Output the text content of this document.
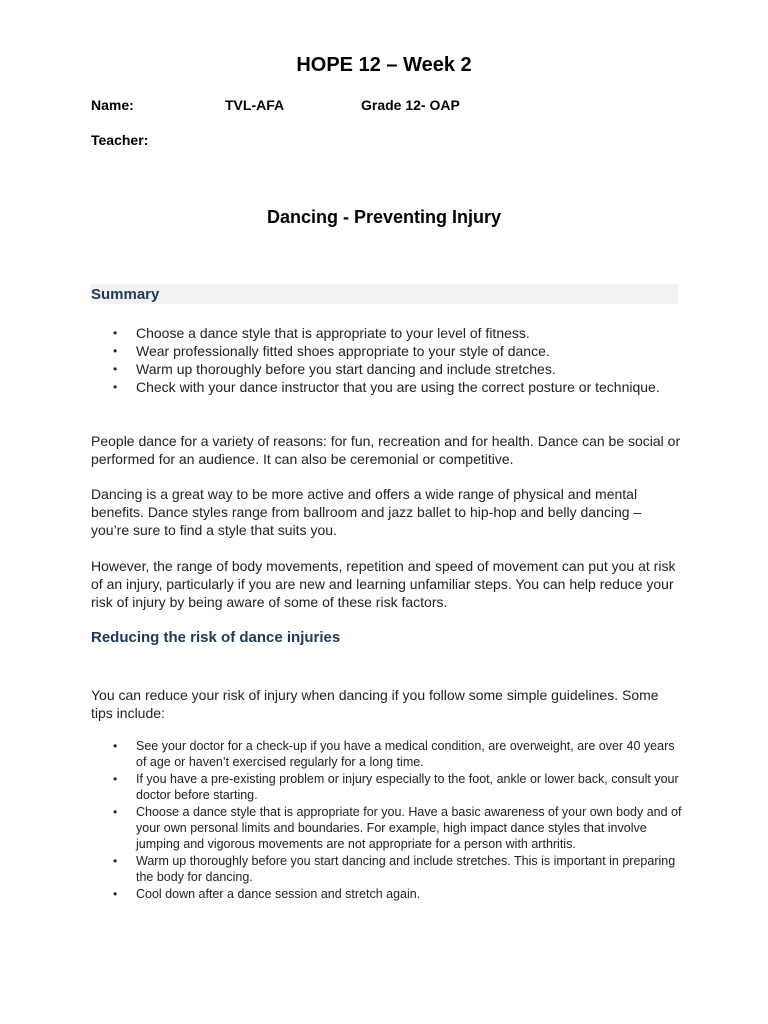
HOPE 12 – Week 2
Name:	TVL-AFA	Grade 12- OAP
Teacher:
Dancing - Preventing Injury
Summary
• Choose a dance style that is appropriate to your level of fitness.
• Wear professionally fitted shoes appropriate to your style of dance.
• Warm up thoroughly before you start dancing and include stretches.
• Check with your dance instructor that you are using the correct posture or technique.

People dance for a variety of reasons: for fun, recreation and for health. Dance can be social or performed for an audience. It can also be ceremonial or competitive.

Dancing is a great way to be more active and offers a wide range of physical and mental benefits. Dance styles range from ballroom and jazz ballet to hip-hop and belly dancing – you’re sure to find a style that suits you.

However, the range of body movements, repetition and speed of movement can put you at risk of an injury, particularly if you are new and learning unfamiliar steps. You can help reduce your risk of injury by being aware of some of these risk factors.

Reducing the risk of dance injuries

You can reduce your risk of injury when dancing if you follow some simple guidelines. Some tips include:

• See your doctor for a check-up if you have a medical condition, are overweight, are over 40 years of age or haven’t exercised regularly for a long time.
• If you have a pre-existing problem or injury especially to the foot, ankle or lower back, consult your doctor before starting.
• Choose a dance style that is appropriate for you. Have a basic awareness of your own body and of your own personal limits and boundaries. For example, high impact dance styles that involve jumping and vigorous movements are not appropriate for a person with arthritis.
• Warm up thoroughly before you start dancing and include stretches. This is important in preparing the body for dancing.
• Cool down after a dance session and stretch again.
